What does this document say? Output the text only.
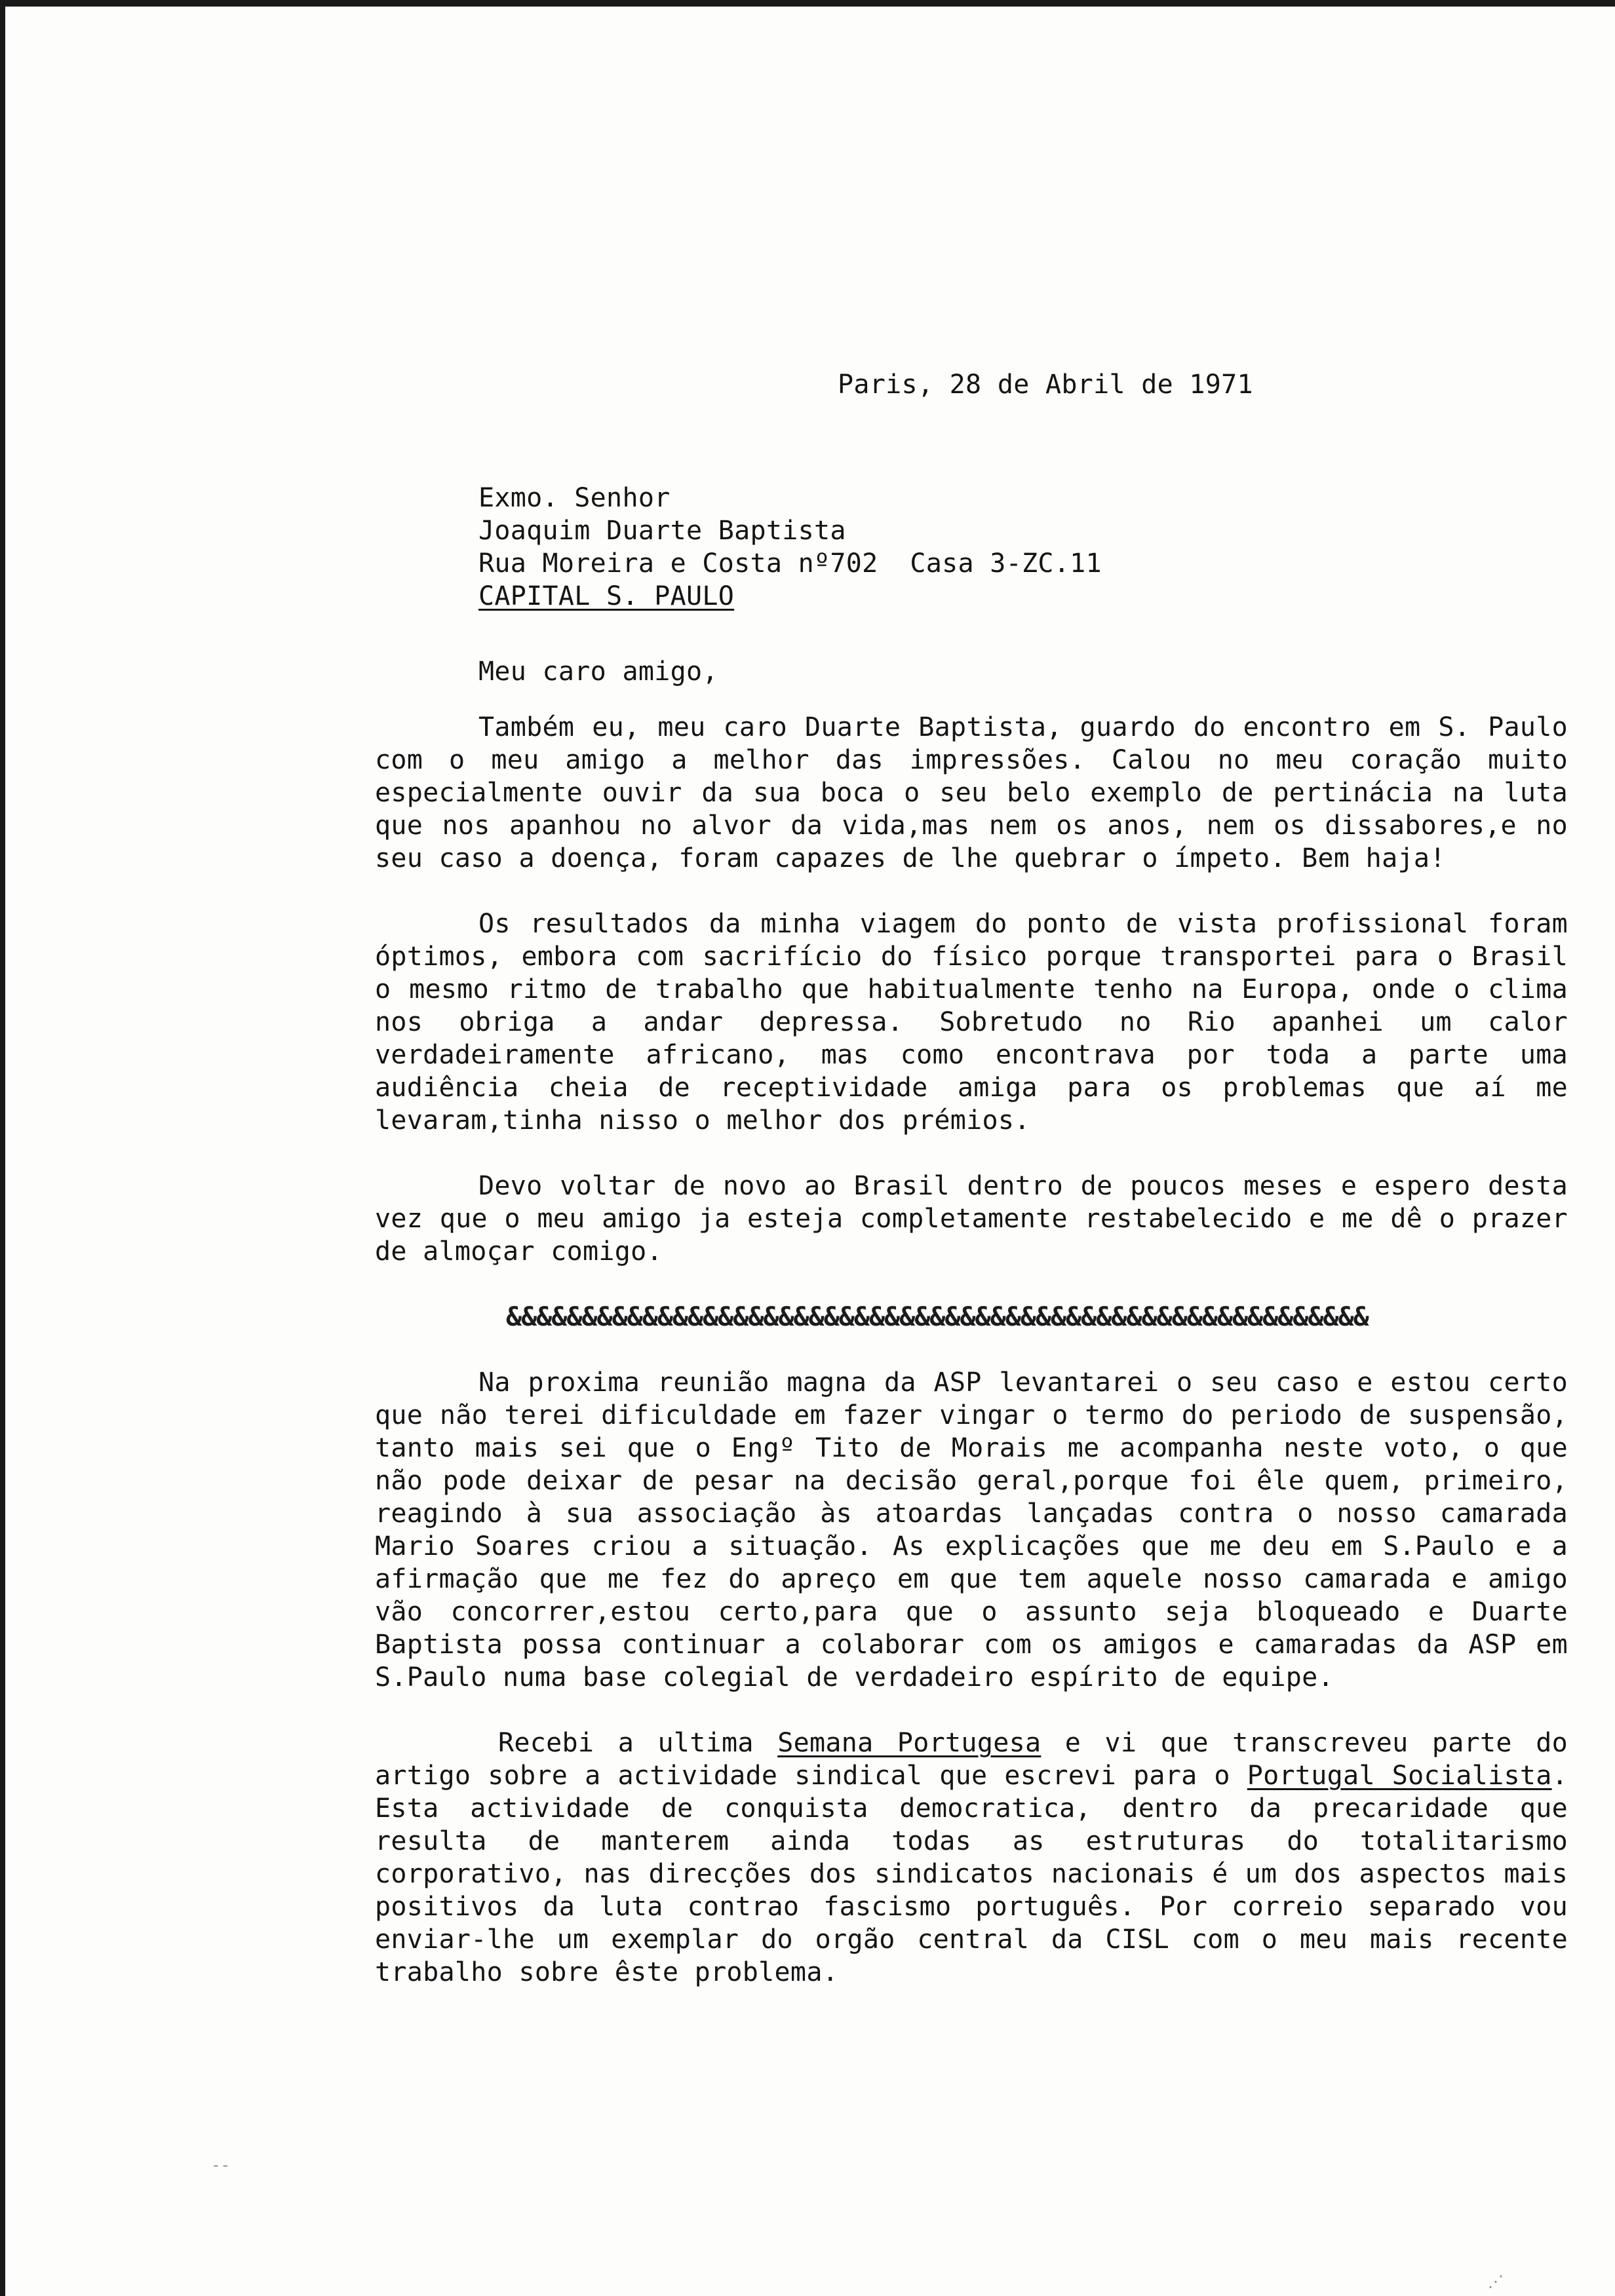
Paris, 28 de Abril de 1971
Exmo. Senhor
Joaquim Duarte Baptista
Rua Moreira e Costa nº702  Casa 3-ZC.11
CAPITAL S. PAULO
Meu caro amigo,

Também eu, meu caro Duarte Baptista, guardo do encontro em S. Paulo com o meu amigo a melhor das impressões. Calou no meu coração muito especialmente ouvir da sua boca o seu belo exemplo de pertinácia na luta que nos apanhou no alvor da vida,mas nem os anos, nem os dissabores,e no seu caso a doença, foram capazes de lhe quebrar o ímpeto. Bem haja!

Os resultados da minha viagem do ponto de vista profissional foram óptimos, embora com sacrifício do físico porque transportei para o Brasil o mesmo ritmo de trabalho que habitualmente tenho na Europa, onde o clima nos obriga a andar depressa. Sobretudo no Rio apanhei um calor verdadeiramente africano, mas como encontrava por toda a parte uma audiência cheia de receptividade amiga para os problemas que aí me levaram,tinha nisso o melhor dos prémios.

Devo voltar de novo ao Brasil dentro de poucos meses e espero desta vez que o meu amigo ja esteja completamente restabelecido e me dê o prazer de almoçar comigo.

&&&&&&&&&&&&&&&&&&&&&&&&&&&&&&&&&&&&&&&&&&&&&&&&&&&&&&&&&

Na proxima reunião magna da ASP levantarei o seu caso e estou certo que não terei dificuldade em fazer vingar o termo do periodo de suspensão, tanto mais sei que o Engº Tito de Morais me acompanha neste voto, o que não pode deixar de pesar na decisão geral,porque foi êle quem, primeiro, reagindo à sua associação às atoardas lançadas contra o nosso camarada Mario Soares criou a situação. As explicações que me deu em S.Paulo e a afirmação que me fez do apreço em que tem aquele nosso camarada e amigo vão concorrer,estou certo,para que o assunto seja bloqueado e Duarte Baptista possa continuar a colaborar com os amigos e camaradas da ASP em S.Paulo numa base colegial de verdadeiro espírito de equipe.

Recebi a ultima Semana Portugesa e vi que transcreveu parte do artigo sobre a actividade sindical que escrevi para o Portugal Socialista. Esta actividade de conquista democratica, dentro da precaridade que resulta de manterem ainda todas as estruturas do totalitarismo corporativo, nas direcções dos sindicatos nacionais é um dos aspectos mais positivos da luta contrao fascismo português. Por correio separado vou enviar-lhe um exemplar do orgão central da CISL com o meu mais recente trabalho sobre êste problema.

--
⋰
